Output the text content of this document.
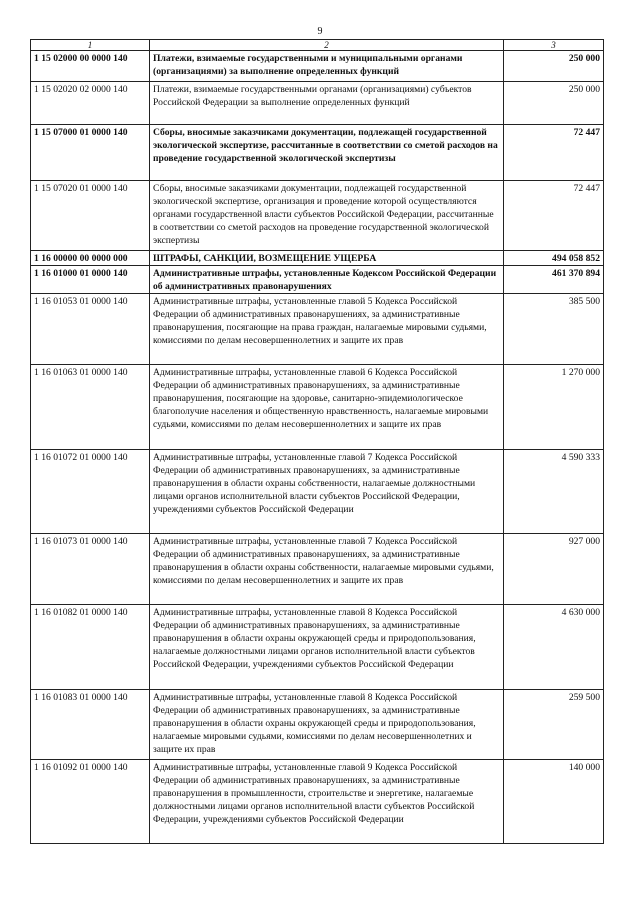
9
1	2	3
1 15 02000 00 0000 140	Платежи, взимаемые государственными и муниципальными органами (организациями) за выполнение определенных функций	250 000
1 15 02020 02 0000 140	Платежи, взимаемые государственными органами (организациями) субъектов Российской Федерации за выполнение определенных функций	250 000
1 15 07000 01 0000 140	Сборы, вносимые заказчиками документации, подлежащей государственной экологической экспертизе, рассчитанные в соответствии со сметой расходов на проведение государственной экологической экспертизы	72 447
1 15 07020 01 0000 140	Сборы, вносимые заказчиками документации, подлежащей государственной экологической экспертизе, организация и проведение которой осуществляются органами государственной власти субъектов Российской Федерации, рассчитанные в соответствии со сметой расходов на проведение государственной экологической экспертизы	72 447
1 16 00000 00 0000 000	ШТРАФЫ, САНКЦИИ, ВОЗМЕЩЕНИЕ УЩЕРБА	494 058 852
1 16 01000 01 0000 140	Административные штрафы, установленные Кодексом Российской Федерации об административных правонарушениях	461 370 894
1 16 01053 01 0000 140	Административные штрафы, установленные главой 5 Кодекса Российской Федерации об административных правонарушениях, за административные правонарушения, посягающие на права граждан, налагаемые мировыми судьями, комиссиями по делам несовершеннолетних и защите их прав	385 500
1 16 01063 01 0000 140	Административные штрафы, установленные главой 6 Кодекса Российской Федерации об административных правонарушениях, за административные правонарушения, посягающие на здоровье, санитарно-эпидемиологическое благополучие населения и общественную нравственность, налагаемые мировыми судьями, комиссиями по делам несовершеннолетних и защите их прав	1 270 000
1 16 01072 01 0000 140	Административные штрафы, установленные главой 7 Кодекса Российской Федерации об административных правонарушениях, за административные правонарушения в области охраны собственности, налагаемые должностными лицами органов исполнительной власти субъектов Российской Федерации, учреждениями субъектов Российской Федерации	4 590 333
1 16 01073 01 0000 140	Административные штрафы, установленные главой 7 Кодекса Российской Федерации об административных правонарушениях, за административные правонарушения в области охраны собственности, налагаемые мировыми судьями, комиссиями по делам несовершеннолетних и защите их прав	927 000
1 16 01082 01 0000 140	Административные штрафы, установленные главой 8 Кодекса Российской Федерации об административных правонарушениях, за административные правонарушения в области охраны окружающей среды и природопользования, налагаемые должностными лицами органов исполнительной власти субъектов Российской Федерации, учреждениями субъектов Российской Федерации	4 630 000
1 16 01083 01 0000 140	Административные штрафы, установленные главой 8 Кодекса Российской Федерации об административных правонарушениях, за административные правонарушения в области охраны окружающей среды и природопользования, налагаемые мировыми судьями, комиссиями по делам несовершеннолетних и защите их прав	259 500
1 16 01092 01 0000 140	Административные штрафы, установленные главой 9 Кодекса Российской Федерации об административных правонарушениях, за административные правонарушения в промышленности, строительстве и энергетике, налагаемые должностными лицами органов исполнительной власти субъектов Российской Федерации, учреждениями субъектов Российской Федерации	140 000
